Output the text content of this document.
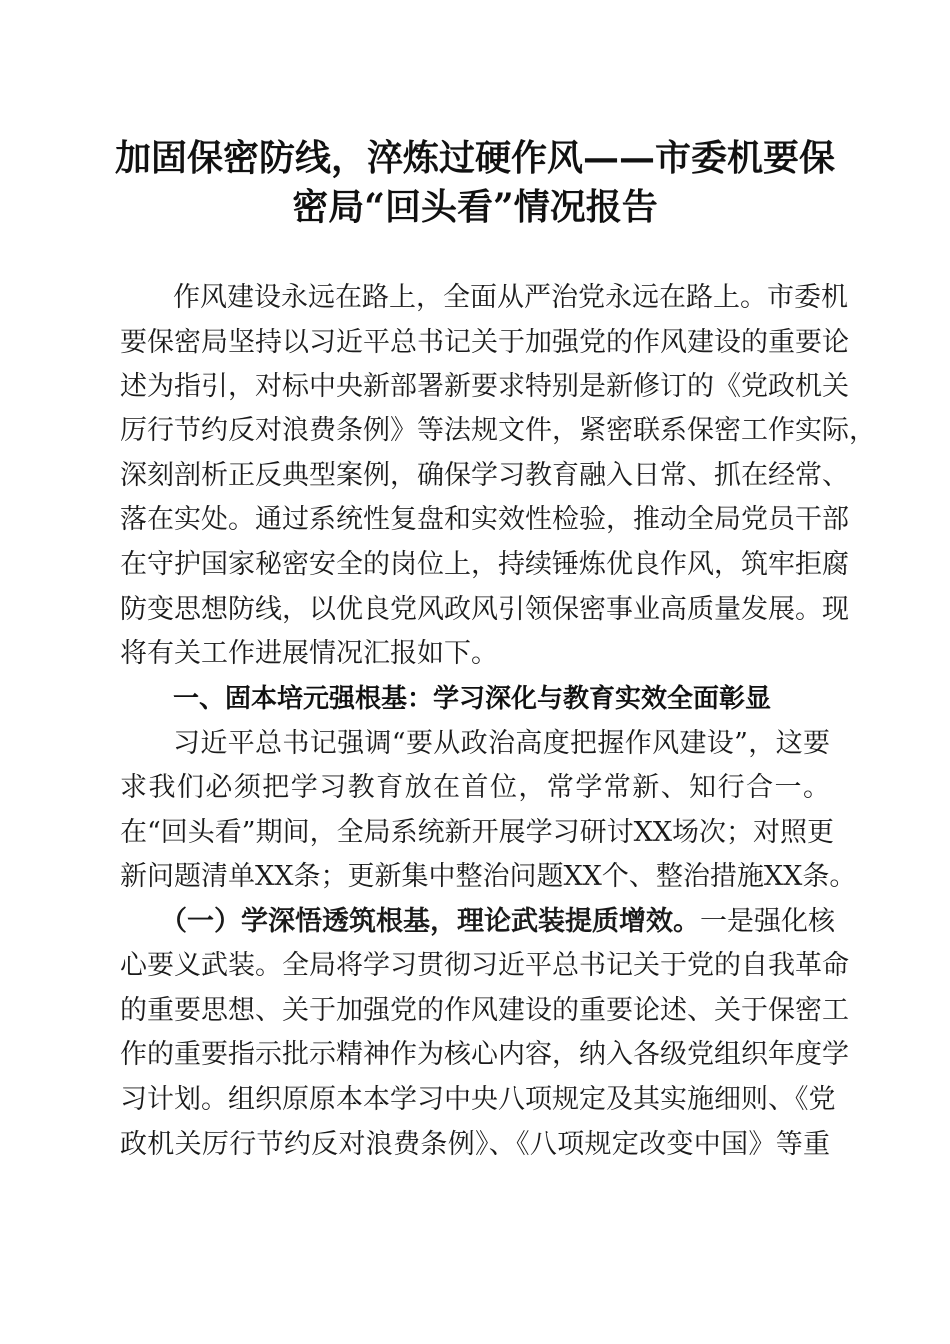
加固保密防线，淬炼过硬作风——市委机要保
密局“回头看”情况报告
作风建设永远在路上，全面从严治党永远在路上。市委机
要保密局坚持以习近平总书记关于加强党的作风建设的重要论
述为指引，对标中央新部署新要求特别是新修订的《党政机关
厉行节约反对浪费条例》等法规文件，紧密联系保密工作实际，
深刻剖析正反典型案例，确保学习教育融入日常、抓在经常、
落在实处。通过系统性复盘和实效性检验，推动全局党员干部
在守护国家秘密安全的岗位上，持续锤炼优良作风，筑牢拒腐
防变思想防线，以优良党风政风引领保密事业高质量发展。现
将有关工作进展情况汇报如下。
一、固本培元强根基：学习深化与教育实效全面彰显
习近平总书记强调“要从政治高度把握作风建设”，这要
求我们必须把学习教育放在首位，常学常新、知行合一。
在“回头看”期间，全局系统新开展学习研讨XX场次；对照更
新问题清单XX条；更新集中整治问题XX个、整治措施XX条。
（一）学深悟透筑根基，理论武装提质增效。一是强化核
心要义武装。全局将学习贯彻习近平总书记关于党的自我革命
的重要思想、关于加强党的作风建设的重要论述、关于保密工
作的重要指示批示精神作为核心内容，纳入各级党组织年度学
习计划。组织原原本本学习中央八项规定及其实施细则、《党
政机关厉行节约反对浪费条例》、《八项规定改变中国》等重
